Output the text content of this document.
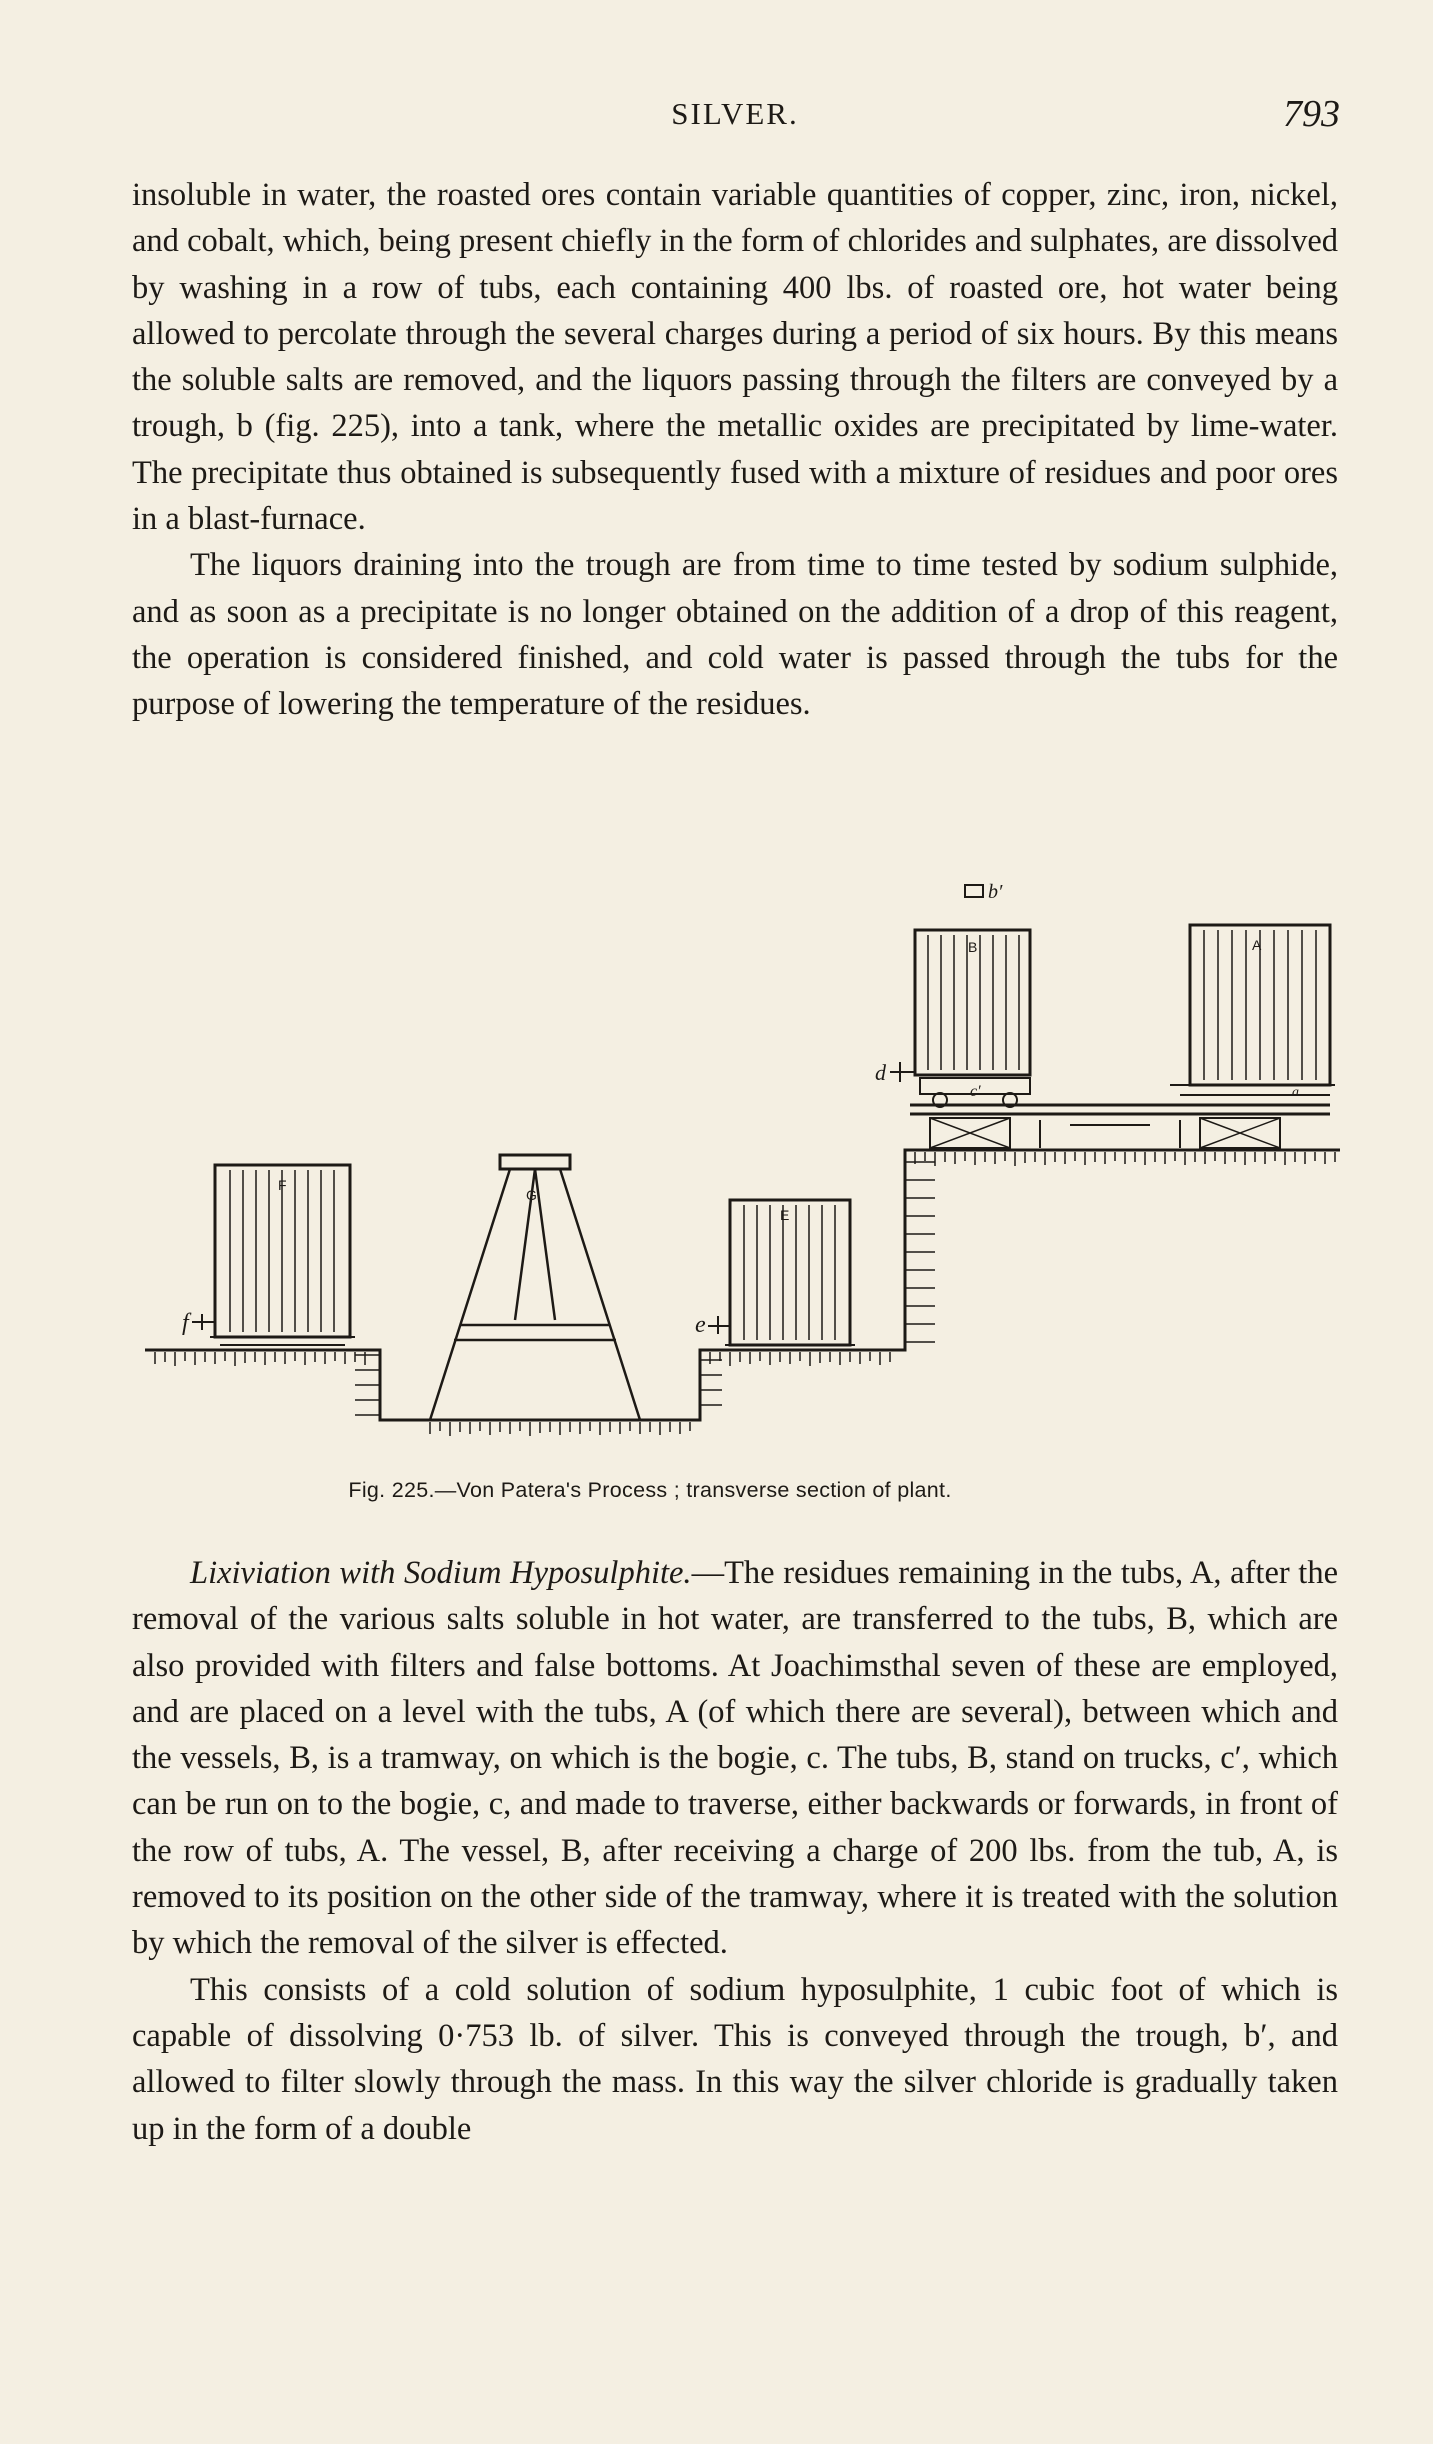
SILVER.	793

insoluble in water, the roasted ores contain variable quantities of copper, zinc, iron, nickel, and cobalt, which, being present chiefly in the form of chlorides and sulphates, are dissolved by washing in a row of tubs, each containing 400 lbs. of roasted ore, hot water being allowed to percolate through the several charges during a period of six hours. By this means the soluble salts are removed, and the liquors passing through the filters are conveyed by a trough, b (fig. 225), into a tank, where the metallic oxides are precipitated by lime-water. The precipitate thus obtained is subsequently fused with a mixture of residues and poor ores in a blast-furnace.

The liquors draining into the trough are from time to time tested by sodium sulphide, and as soon as a precipitate is no longer obtained on the addition of a drop of this reagent, the operation is considered finished, and cold water is passed through the tubs for the purpose of lowering the temperature of the residues.

F
f
G
E
e
B
c′
d
b′
A
a
Fig. 225.—Von Patera's Process ; transverse section of plant.

Lixiviation with Sodium Hyposulphite.—The residues remaining in the tubs, A, after the removal of the various salts soluble in hot water, are transferred to the tubs, B, which are also provided with filters and false bottoms. At Joachimsthal seven of these are employed, and are placed on a level with the tubs, A (of which there are several), between which and the vessels, B, is a tramway, on which is the bogie, c. The tubs, B, stand on trucks, c′, which can be run on to the bogie, c, and made to traverse, either backwards or forwards, in front of the row of tubs, A. The vessel, B, after receiving a charge of 200 lbs. from the tub, A, is removed to its position on the other side of the tramway, where it is treated with the solution by which the removal of the silver is effected.

This consists of a cold solution of sodium hyposulphite, 1 cubic foot of which is capable of dissolving 0·753 lb. of silver. This is conveyed through the trough, b′, and allowed to filter slowly through the mass. In this way the silver chloride is gradually taken up in the form of a double
